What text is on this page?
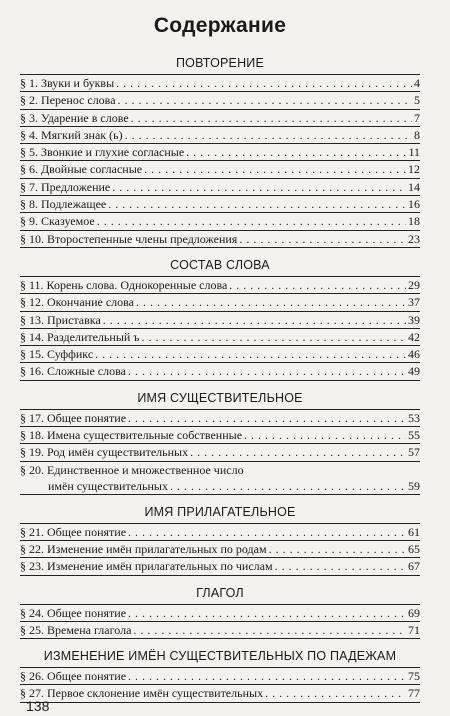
Содержание
ПОВТОРЕНИЕ
§ 1. Звуки и буквы . . .	4
§ 2. Перенос слова . . .	5
§ 3. Ударение в слове . . .	7
§ 4. Мягкий знак (ь) . . .	8
§ 5. Звонкие и глухие согласные . . .	11
§ 6. Двойные согласные . . .	12
§ 7. Предложение . . .	14
§ 8. Подлежащее . . .	16
§ 9. Сказуемое . . .	18
§ 10. Второстепенные члены предложения . . .	23
СОСТАВ СЛОВА
§ 11. Корень слова. Однокоренные слова . . .	29
§ 12. Окончание слова . . .	37
§ 13. Приставка . . .	39
§ 14. Разделительный ъ . . .	42
§ 15. Суффикс . . .	46
§ 16. Сложные слова . . .	49
ИМЯ СУЩЕСТВИТЕЛЬНОЕ
§ 17. Общее понятие . . .	53
§ 18. Имена существительные собственные . . .	55
§ 19. Род имён существительных . . .	57
§ 20. Единственное и множественное число
имён существительных . . .	59
ИМЯ ПРИЛАГАТЕЛЬНОЕ
§ 21. Общее понятие . . .	61
§ 22. Изменение имён прилагательных по родам . . .	65
§ 23. Изменение имён прилагательных по числам . . .	67
ГЛАГОЛ
§ 24. Общее понятие . . .	69
§ 25. Времена глагола . . .	71
ИЗМЕНЕНИЕ ИМЁН СУЩЕСТВИТЕЛЬНЫХ ПО ПАДЕЖАМ
§ 26. Общее понятие . . .	75
§ 27. Первое склонение имён существительных . . .	77
138
